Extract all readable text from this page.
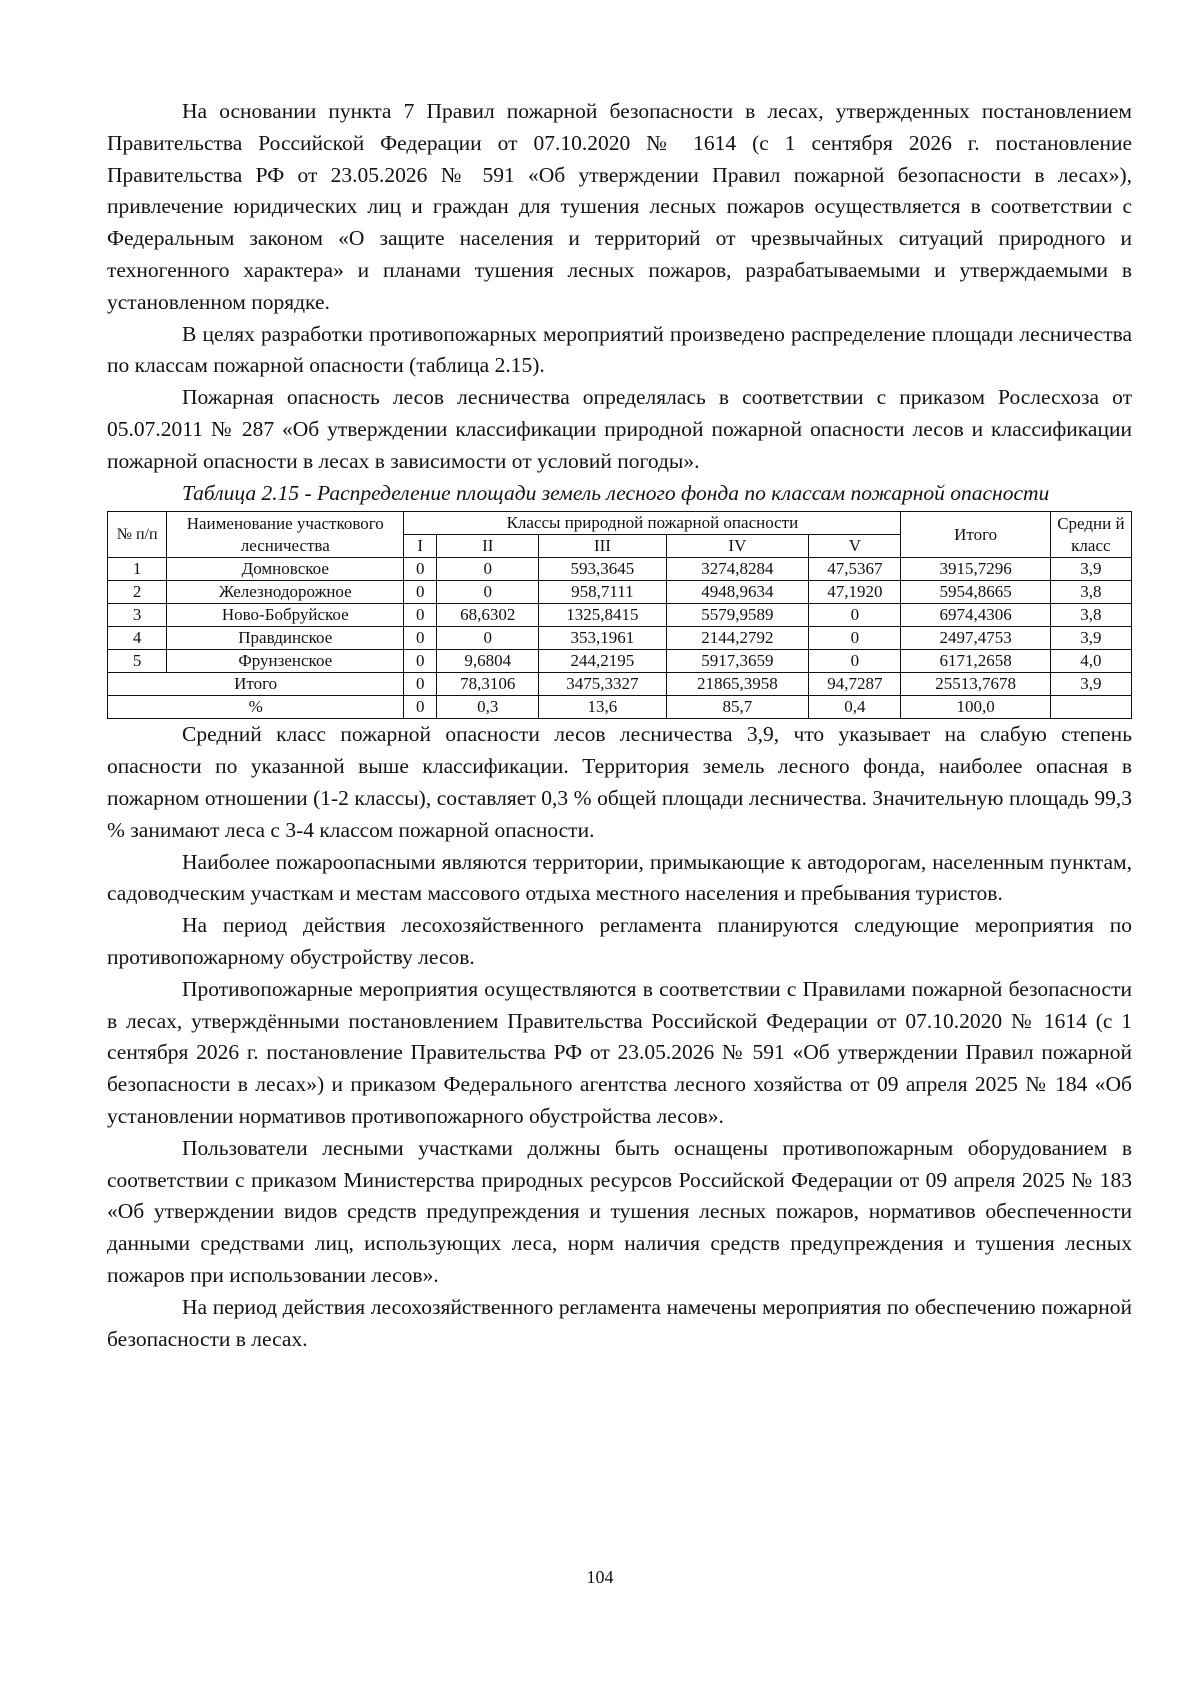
На основании пункта 7 Правил пожарной безопасности в лесах, утвержденных постановлением Правительства Российской Федерации от 07.10.2020 № 1614 (с 1 сентября 2026 г. постановление Правительства РФ от 23.05.2026 № 591 «Об утверждении Правил пожарной безопасности в лесах»), привлечение юридических лиц и граждан для тушения лесных пожаров осуществляется в соответствии с Федеральным законом «О защите населения и территорий от чрезвычайных ситуаций природного и техногенного характера» и планами тушения лесных пожаров, разрабатываемыми и утверждаемыми в установленном порядке.

В целях разработки противопожарных мероприятий произведено распределение площади лесничества по классам пожарной опасности (таблица 2.15).

Пожарная опасность лесов лесничества определялась в соответствии с приказом Рослесхоза от 05.07.2011 № 287 «Об утверждении классификации природной пожарной опасности лесов и классификации пожарной опасности в лесах в зависимости от условий погоды».

Таблица 2.15 - Распределение площади земель лесного фонда по классам пожарной опасности

№ п/п	Наименование участкового лесничества	Классы природной пожарной опасности					Итого	Средни й класс
		I	II	III	IV	V		
1	Домновское	0	0	593,3645	3274,8284	47,5367	3915,7296	3,9
2	Железнодорожное	0	0	958,7111	4948,9634	47,1920	5954,8665	3,8
3	Ново-Бобруйское	0	68,6302	1325,8415	5579,9589	0	6974,4306	3,8
4	Правдинское	0	0	353,1961	2144,2792	0	2497,4753	3,9
5	Фрунзенское	0	9,6804	244,2195	5917,3659	0	6171,2658	4,0
Итого		0	78,3106	3475,3327	21865,3958	94,7287	25513,7678	3,9
%		0	0,3	13,6	85,7	0,4	100,0	

Средний класс пожарной опасности лесов лесничества 3,9, что указывает на слабую степень опасности по указанной выше классификации. Территория земель лесного фонда, наиболее опасная в пожарном отношении (1-2 классы), составляет 0,3 % общей площади лесничества. Значительную площадь 99,3 % занимают леса с 3-4 классом пожарной опасности.

Наиболее пожароопасными являются территории, примыкающие к автодорогам, населенным пунктам, садоводческим участкам и местам массового отдыха местного населения и пребывания туристов.

На период действия лесохозяйственного регламента планируются следующие мероприятия по противопожарному обустройству лесов.

Противопожарные мероприятия осуществляются в соответствии с Правилами пожарной безопасности в лесах, утверждёнными постановлением Правительства Российской Федерации от 07.10.2020 № 1614 (с 1 сентября 2026 г. постановление Правительства РФ от 23.05.2026 № 591 «Об утверждении Правил пожарной безопасности в лесах») и приказом Федерального агентства лесного хозяйства от 09 апреля 2025 № 184 «Об установлении нормативов противопожарного обустройства лесов».

Пользователи лесными участками должны быть оснащены противопожарным оборудованием в соответствии с приказом Министерства природных ресурсов Российской Федерации от 09 апреля 2025 № 183 «Об утверждении видов средств предупреждения и тушения лесных пожаров, нормативов обеспеченности данными средствами лиц, использующих леса, норм наличия средств предупреждения и тушения лесных пожаров при использовании лесов».

На период действия лесохозяйственного регламента намечены мероприятия по обеспечению пожарной безопасности в лесах.

104
